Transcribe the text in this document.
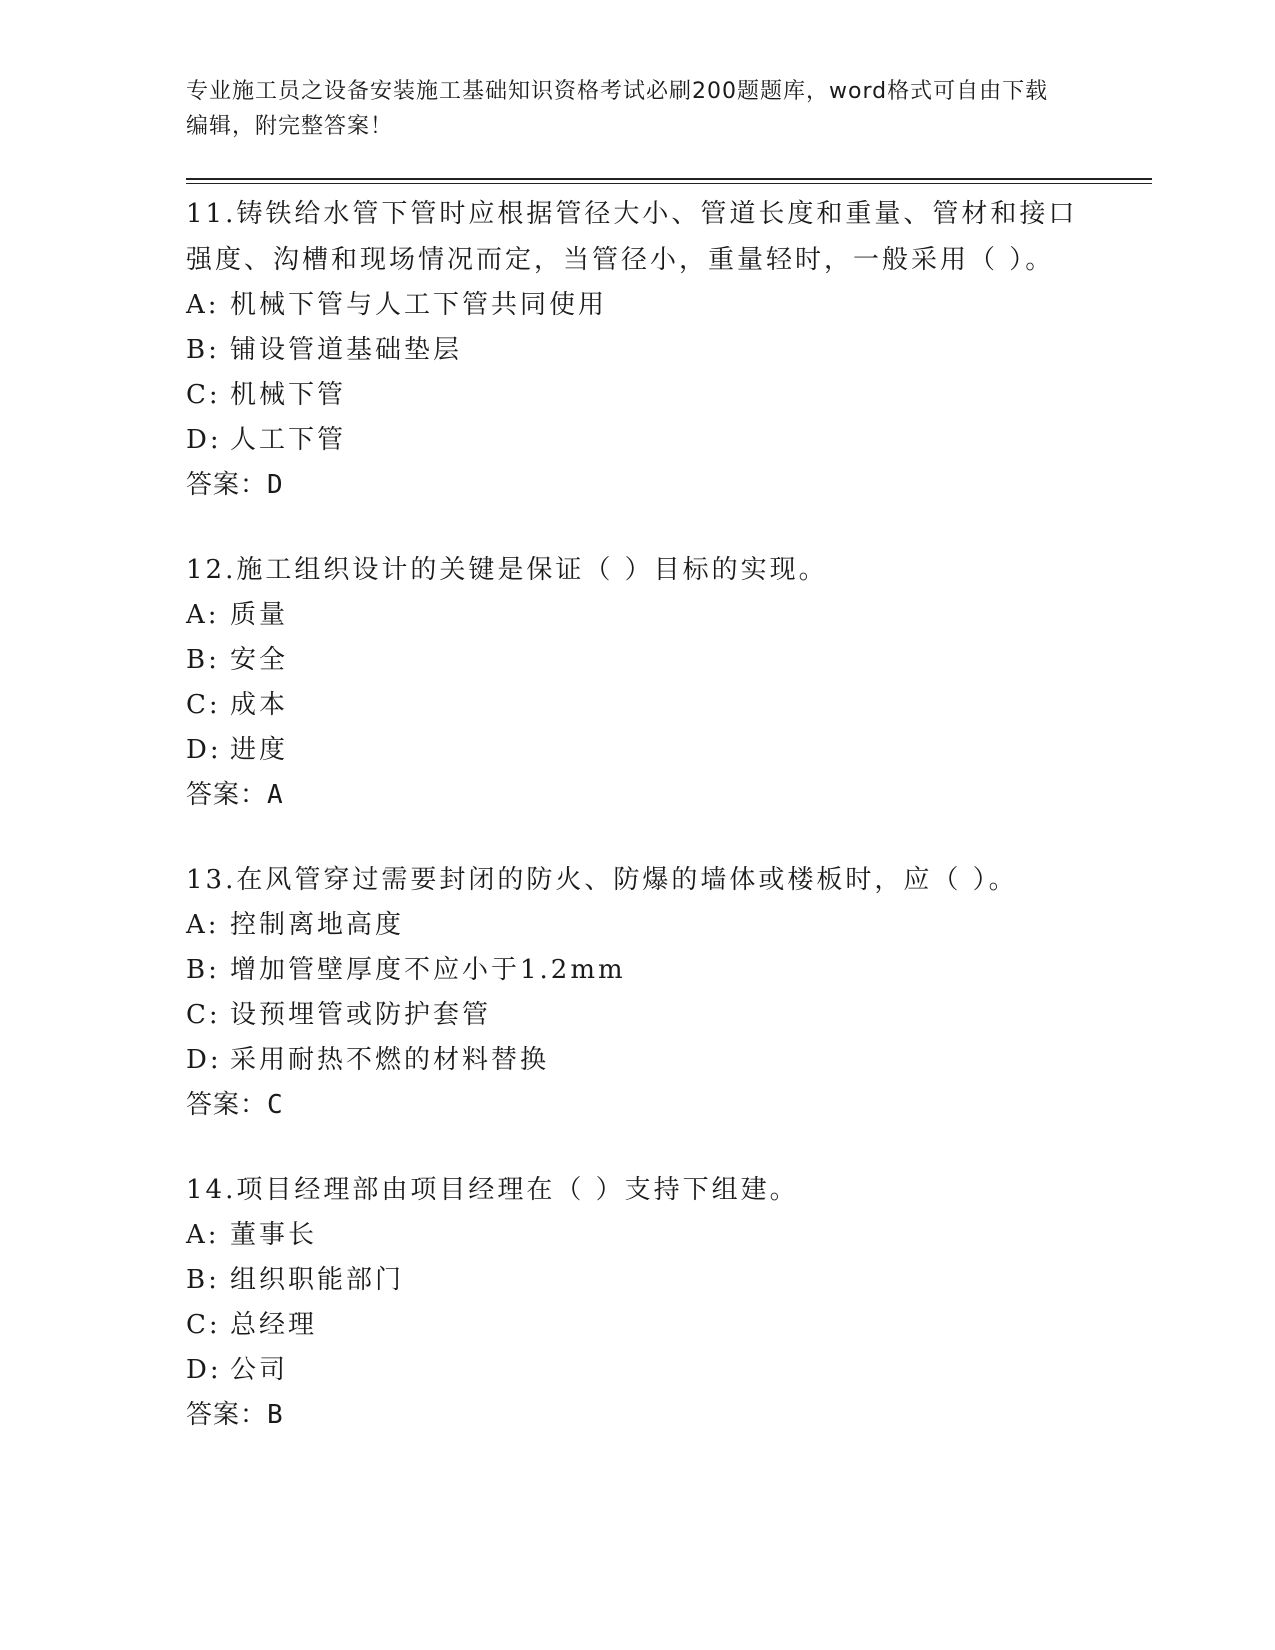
专业施工员之设备安装施工基础知识资格考试必刷200题题库，word格式可自由下载编辑，附完整答案！
11.铸铁给水管下管时应根据管径大小、管道长度和重量、管材和接口强度、沟槽和现场情况而定，当管径小，重量轻时，一般采用（ ）。
A: 机械下管与人工下管共同使用
B: 铺设管道基础垫层
C: 机械下管
D: 人工下管
答案：D
12.施工组织设计的关键是保证（ ）目标的实现。
A: 质量
B: 安全
C: 成本
D: 进度
答案：A
13.在风管穿过需要封闭的防火、防爆的墙体或楼板时，应（ ）。
A: 控制离地高度
B: 增加管壁厚度不应小于1.2mm
C: 设预埋管或防护套管
D: 采用耐热不燃的材料替换
答案：C
14.项目经理部由项目经理在（ ）支持下组建。
A: 董事长
B: 组织职能部门
C: 总经理
D: 公司
答案：B
